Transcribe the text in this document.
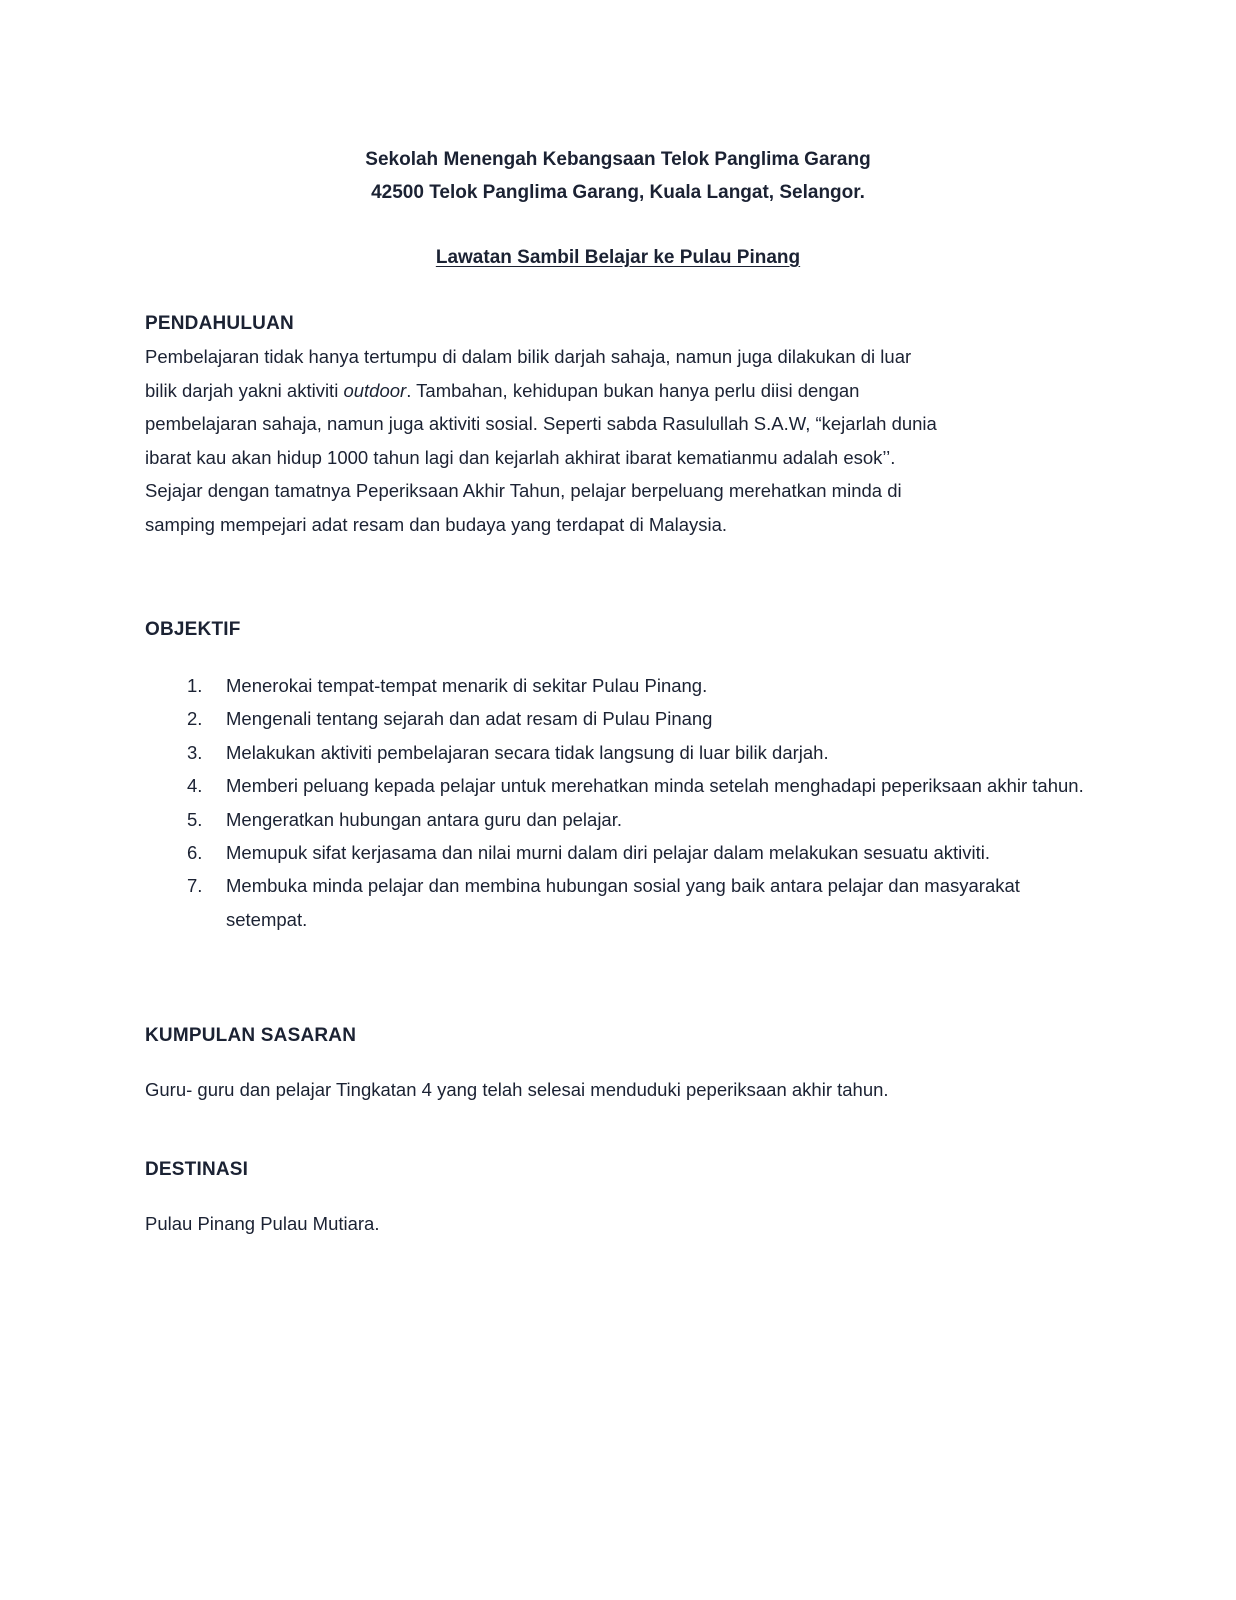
Sekolah Menengah Kebangsaan Telok Panglima Garang
42500 Telok Panglima Garang, Kuala Langat, Selangor.
Lawatan Sambil Belajar ke Pulau Pinang
PENDAHULUAN
Pembelajaran tidak hanya tertumpu di dalam bilik darjah sahaja, namun juga dilakukan di luar
bilik darjah yakni aktiviti outdoor. Tambahan, kehidupan bukan hanya perlu diisi dengan
pembelajaran sahaja, namun juga aktiviti sosial. Seperti sabda Rasulullah S.A.W, “kejarlah dunia
ibarat kau akan hidup 1000 tahun lagi dan kejarlah akhirat ibarat kematianmu adalah esok’’.
Sejajar dengan tamatnya Peperiksaan Akhir Tahun, pelajar berpeluang merehatkan minda di
samping mempejari adat resam dan budaya yang terdapat di Malaysia.
OBJEKTIF
1. Menerokai tempat-tempat menarik di sekitar Pulau Pinang.
2. Mengenali tentang sejarah dan adat resam di Pulau Pinang
3. Melakukan aktiviti pembelajaran secara tidak langsung di luar bilik darjah.
4. Memberi peluang kepada pelajar untuk merehatkan minda setelah menghadapi peperiksaan akhir tahun.
5. Mengeratkan hubungan antara guru dan pelajar.
6. Memupuk sifat kerjasama dan nilai murni dalam diri pelajar dalam melakukan sesuatu aktiviti.
7. Membuka minda pelajar dan membina hubungan sosial yang baik antara pelajar dan masyarakat setempat.
KUMPULAN SASARAN
Guru- guru dan pelajar Tingkatan 4 yang telah selesai menduduki peperiksaan akhir tahun.
DESTINASI
Pulau Pinang Pulau Mutiara.
